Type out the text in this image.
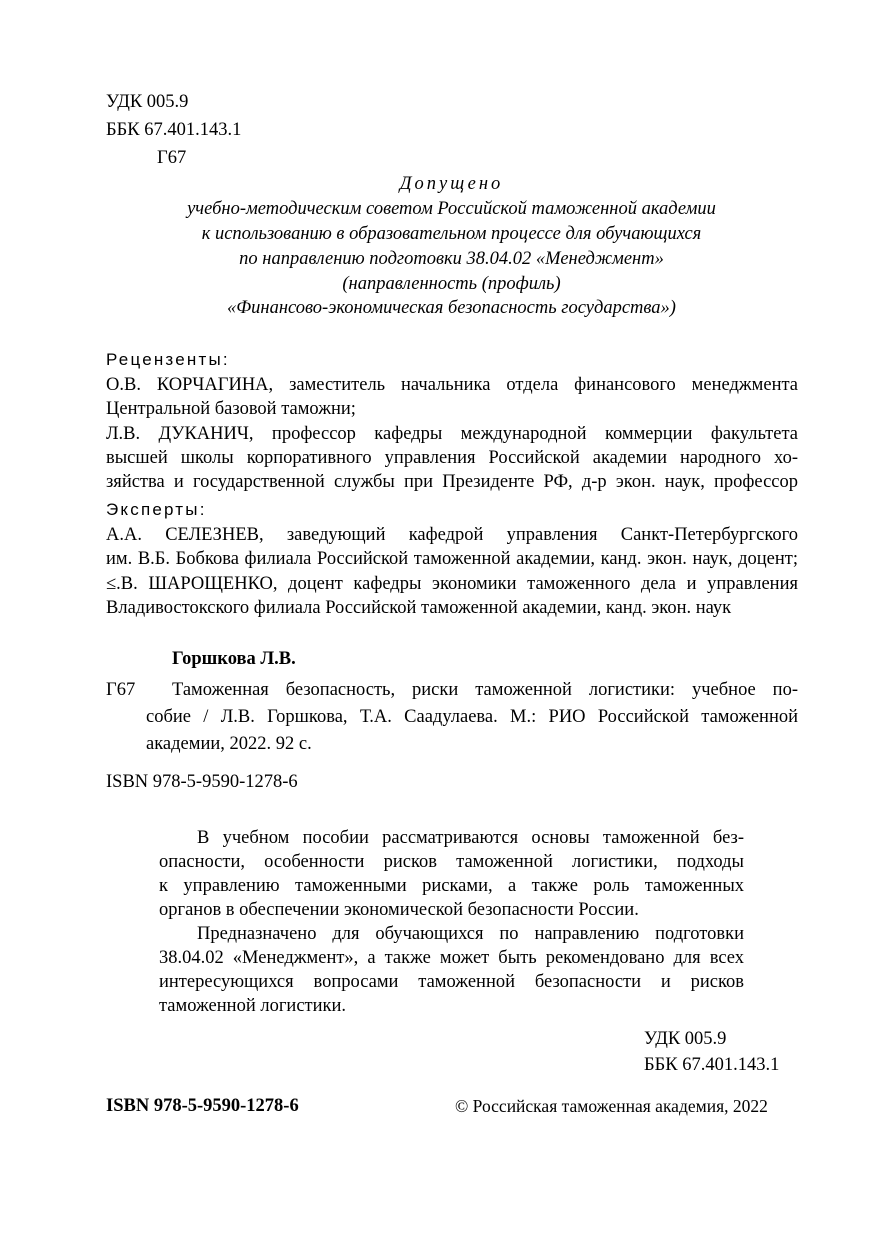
УДК 005.9
ББК 67.401.143.1
Г67
Допущено
учебно-методическим советом Российской таможенной академии
к использованию в образовательном процессе для обучающихся
по направлению подготовки 38.04.02 «Менеджмент»
(направленность (профиль)
«Финансово-экономическая безопасность государства»)
Рецензенты:
О.В. КОРЧАГИНА, заместитель начальника отдела финансового менеджмента
Центральной базовой таможни;
Л.В. ДУКАНИЧ, профессор кафедры международной коммерции факультета
высшей школы корпоративного управления Российской академии народного хо-
зяйства и государственной службы при Президенте РФ, д-р экон. наук, профессор
Эксперты:
А.А. СЕЛЕЗНЕВ, заведующий кафедрой управления Санкт-Петербургского
им. В.Б. Бобкова филиала Российской таможенной академии, канд. экон. наук, доцент;
≤.В. ШАРОЩЕНКО, доцент кафедры экономики таможенного дела и управления
Владивостокского филиала Российской таможенной академии, канд. экон. наук
Горшкова Л.В.
Г67 Таможенная безопасность, риски таможенной логистики: учебное по-
собие / Л.В. Горшкова, Т.А. Саадулаева. М.: РИО Российской таможенной
академии, 2022. 92 с.
ISBN 978-5-9590-1278-6
В учебном пособии рассматриваются основы таможенной без-
опасности, особенности рисков таможенной логистики, подходы
к управлению таможенными рисками, а также роль таможенных
органов в обеспечении экономической безопасности России.
Предназначено для обучающихся по направлению подготовки
38.04.02 «Менеджмент», а также может быть рекомендовано для всех
интересующихся вопросами таможенной безопасности и рисков
таможенной логистики.
УДК 005.9
ББК 67.401.143.1
ISBN 978-5-9590-1278-6	© Российская таможенная академия, 2022
